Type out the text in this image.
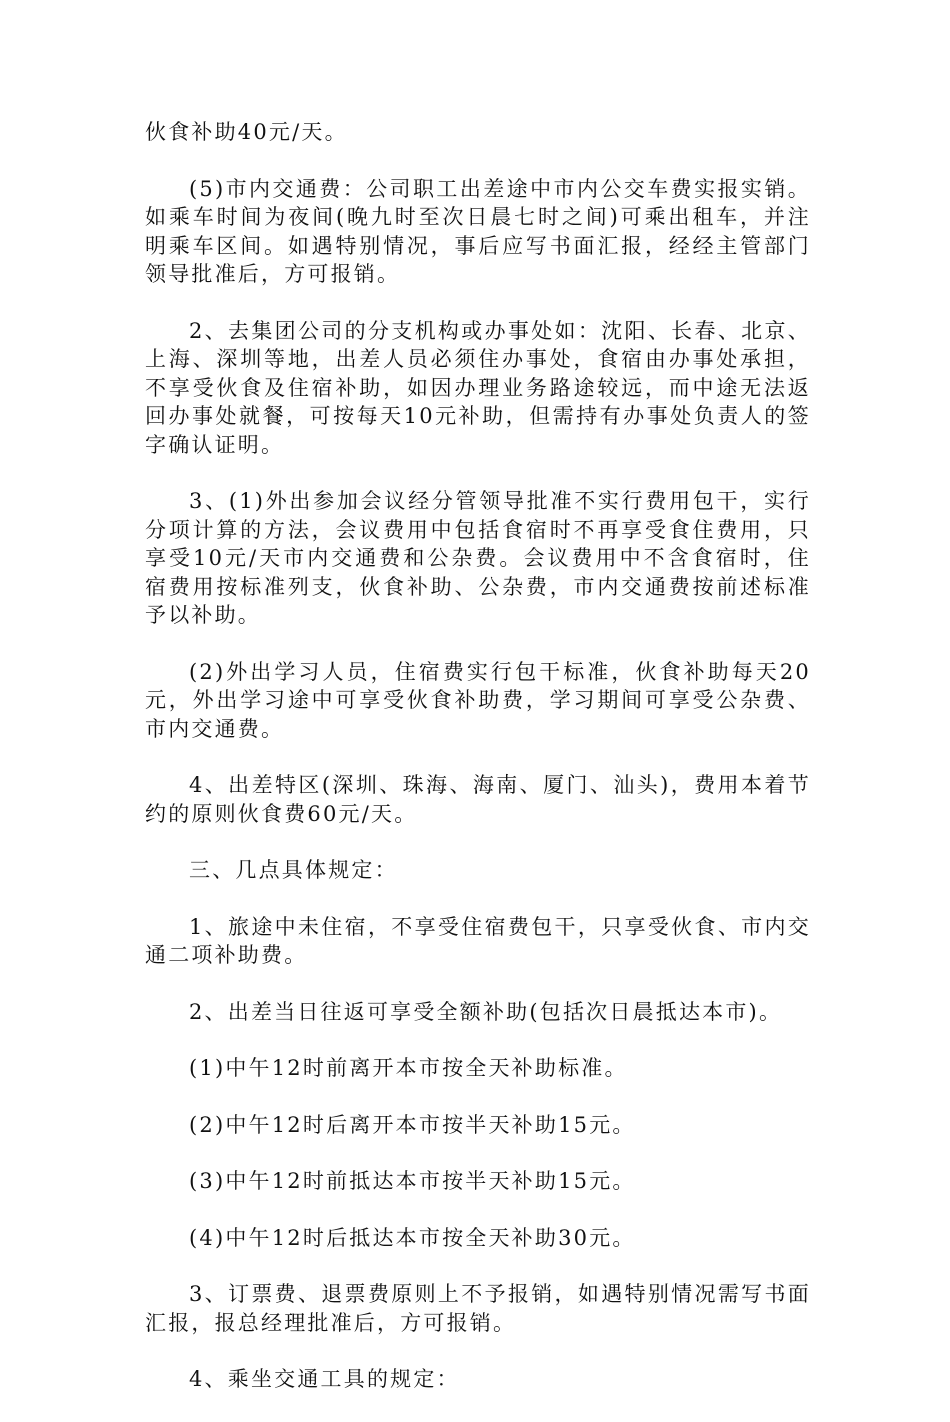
伙食补助40元/天。

(5)市内交通费：公司职工出差途中市内公交车费实报实销。如乘车时间为夜间(晚九时至次日晨七时之间)可乘出租车，并注明乘车区间。如遇特别情况，事后应写书面汇报，经经主管部门领导批准后，方可报销。

2、去集团公司的分支机构或办事处如：沈阳、长春、北京、上海、深圳等地，出差人员必须住办事处，食宿由办事处承担，不享受伙食及住宿补助，如因办理业务路途较远，而中途无法返回办事处就餐，可按每天10元补助，但需持有办事处负责人的签字确认证明。

3、(1)外出参加会议经分管领导批准不实行费用包干，实行分项计算的方法，会议费用中包括食宿时不再享受食住费用，只享受10元/天市内交通费和公杂费。会议费用中不含食宿时，住宿费用按标准列支，伙食补助、公杂费，市内交通费按前述标准予以补助。

(2)外出学习人员，住宿费实行包干标准，伙食补助每天20元，外出学习途中可享受伙食补助费，学习期间可享受公杂费、市内交通费。

4、出差特区(深圳、珠海、海南、厦门、汕头)，费用本着节约的原则伙食费60元/天。

三、几点具体规定：

1、旅途中未住宿，不享受住宿费包干，只享受伙食、市内交通二项补助费。

2、出差当日往返可享受全额补助(包括次日晨抵达本市)。

(1)中午12时前离开本市按全天补助标准。

(2)中午12时后离开本市按半天补助15元。

(3)中午12时前抵达本市按半天补助15元。

(4)中午12时后抵达本市按全天补助30元。

3、订票费、退票费原则上不予报销，如遇特别情况需写书面汇报，报总经理批准后，方可报销。

4、乘坐交通工具的规定：
